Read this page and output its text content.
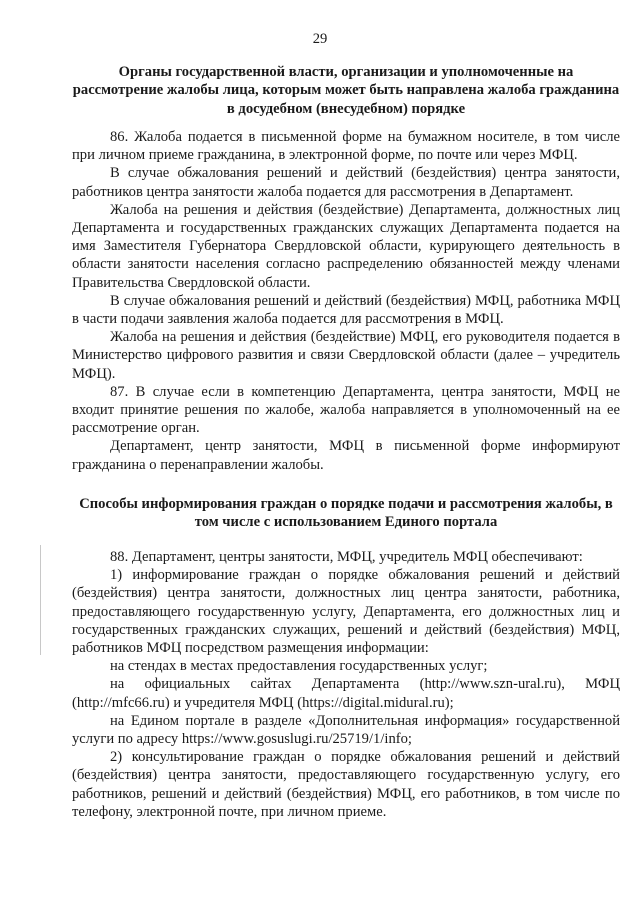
29
Органы государственной власти, организации и уполномоченные на рассмотрение жалобы лица, которым может быть направлена жалоба гражданина в досудебном (внесудебном) порядке

86. Жалоба подается в письменной форме на бумажном носителе, в том числе при личном приеме гражданина, в электронной форме, по почте или через МФЦ.

В случае обжалования решений и действий (бездействия) центра занятости, работников центра занятости жалоба подается для рассмотрения в Департамент.

Жалоба на решения и действия (бездействие) Департамента, должностных лиц Департамента и государственных гражданских служащих Департамента подается на имя Заместителя Губернатора Свердловской области, курирующего деятельность в области занятости населения согласно распределению обязанностей между членами Правительства Свердловской области.

В случае обжалования решений и действий (бездействия) МФЦ, работника МФЦ в части подачи заявления жалоба подается для рассмотрения в МФЦ.

Жалоба на решения и действия (бездействие) МФЦ, его руководителя подается в Министерство цифрового развития и связи Свердловской области (далее – учредитель МФЦ).

87. В случае если в компетенцию Департамента, центра занятости, МФЦ не входит принятие решения по жалобе, жалоба направляется в уполномоченный на ее рассмотрение орган.

Департамент, центр занятости, МФЦ в письменной форме информируют гражданина о перенаправлении жалобы.

Способы информирования граждан о порядке подачи и рассмотрения жалобы, в том числе с использованием Единого портала

88. Департамент, центры занятости, МФЦ, учредитель МФЦ обеспечивают:

1) информирование граждан о порядке обжалования решений и действий (бездействия) центра занятости, должностных лиц центра занятости, работника, предоставляющего государственную услугу, Департамента, его должностных лиц и государственных гражданских служащих, решений и действий (бездействия) МФЦ, работников МФЦ посредством размещения информации:

на стендах в местах предоставления государственных услуг;

на официальных сайтах Департамента (http://www.szn-ural.ru), МФЦ (http://mfc66.ru) и учредителя МФЦ (https://digital.midural.ru);

на Едином портале в разделе «Дополнительная информация» государственной услуги по адресу https://www.gosuslugi.ru/25719/1/info;

2) консультирование граждан о порядке обжалования решений и действий (бездействия) центра занятости, предоставляющего государственную услугу, его работников, решений и действий (бездействия) МФЦ, его работников, в том числе по телефону, электронной почте, при личном приеме.
